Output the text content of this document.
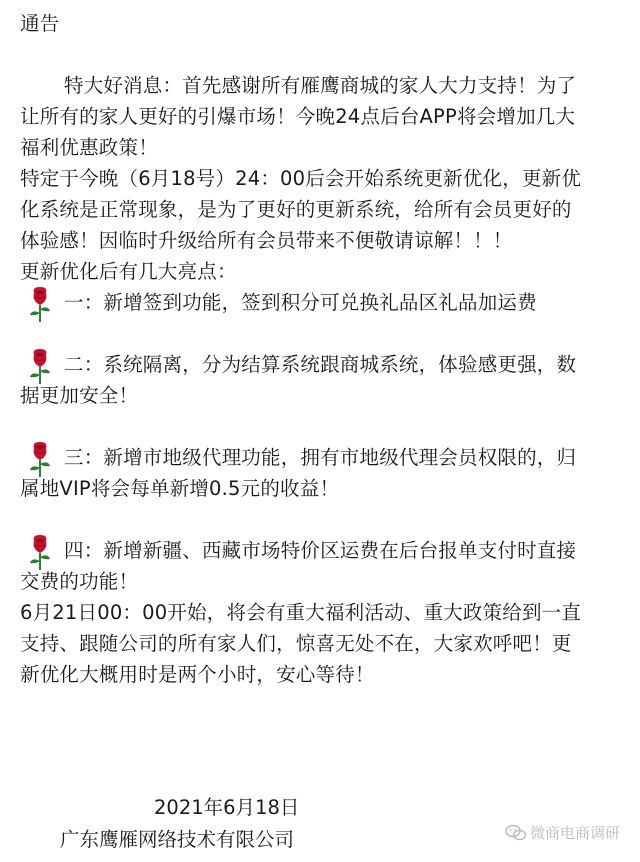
通告
特大好消息：首先感谢所有雁鹰商城的家人大力支持！为了
让所有的家人更好的引爆市场！今晚24点后台APP将会增加几大
福利优惠政策！
特定于今晚（6月18号）24：00后会开始系统更新优化，更新优
化系统是正常现象，是为了更好的更新系统，给所有会员更好的
体验感！因临时升级给所有会员带来不便敬请谅解！！！
更新优化后有几大亮点：
一：新增签到功能，签到积分可兑换礼品区礼品加运费
二：系统隔离，分为结算系统跟商城系统，体验感更强，数
据更加安全！
三：新增市地级代理功能，拥有市地级代理会员权限的，归
属地VIP将会每单新增0.5元的收益！
四：新增新疆、西藏市场特价区运费在后台报单支付时直接
交费的功能！
6月21日00：00开始，将会有重大福利活动、重大政策给到一直
支持、跟随公司的所有家人们，惊喜无处不在，大家欢呼吧！更
新优化大概用时是两个小时，安心等待！
2021年6月18日
广东鹰雁网络技术有限公司	微商电商调研
